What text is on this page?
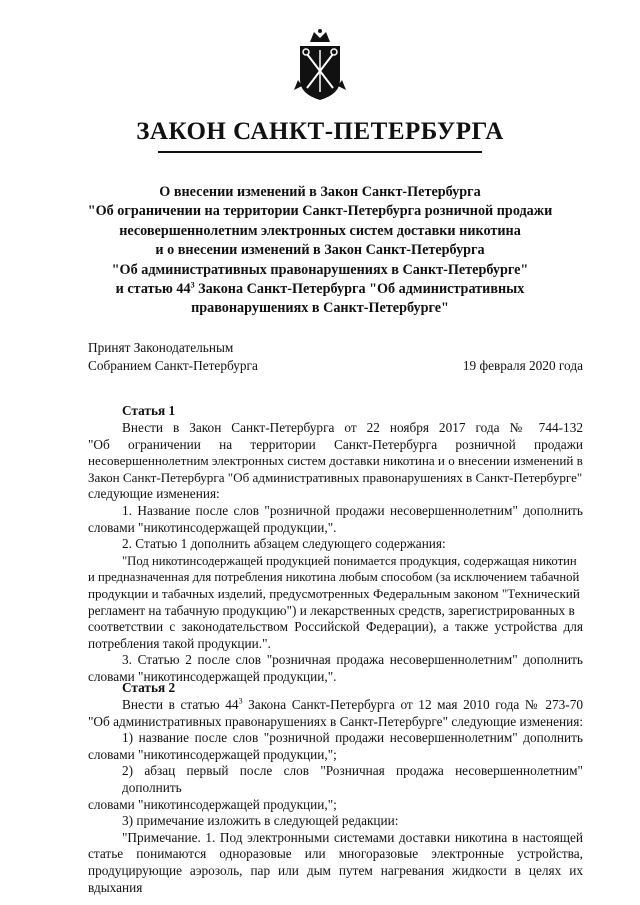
ЗАКОН САНКТ-ПЕТЕРБУРГА
О внесении изменений в Закон Санкт-Петербурга
"Об ограничении на территории Санкт-Петербурга розничной продажи
несовершеннолетним электронных систем доставки никотина
и о внесении изменений в Закон Санкт-Петербурга
"Об административных правонарушениях в Санкт-Петербурге"
и статью $44^3$ Закона Санкт-Петербурга "Об административных
правонарушениях в Санкт-Петербурге"
Принят Законодательным
Собранием Санкт-Петербурга	19 февраля 2020 года
Статья 1
Внести в Закон Санкт-Петербурга от 22 ноября 2017 года № 744-132
"Об ограничении на территории Санкт-Петербурга розничной продажи
несовершеннолетним электронных систем доставки никотина и о внесении изменений в
Закон Санкт-Петербурга "Об административных правонарушениях в Санкт-Петербурге"
следующие изменения:
1. Название после слов "розничной продажи несовершеннолетним" дополнить
словами "никотинсодержащей продукции,".
2. Статью 1 дополнить абзацем следующего содержания:
"Под никотинсодержащей продукцией понимается продукция, содержащая никотин
и предназначенная для потребления никотина любым способом (за исключением табачной
продукции и табачных изделий, предусмотренных Федеральным законом "Технический
регламент на табачную продукцию") и лекарственных средств, зарегистрированных в
соответствии с законодательством Российской Федерации), а также устройства для
потребления такой продукции.".
3. Статью 2 после слов "розничная продажа несовершеннолетним" дополнить
словами "никотинсодержащей продукции,".
Статья 2
Внести в статью $44^3$ Закона Санкт-Петербурга от 12 мая 2010 года № 273-70
"Об административных правонарушениях в Санкт-Петербурге" следующие изменения:
1) название после слов "розничной продажи несовершеннолетним" дополнить
словами "никотинсодержащей продукции,";
2) абзац первый после слов "Розничная продажа несовершеннолетним" дополнить
словами "никотинсодержащей продукции,";
3) примечание изложить в следующей редакции:
"Примечание. 1. Под электронными системами доставки никотина в настоящей
статье понимаются одноразовые или многоразовые электронные устройства,
продуцирующие аэрозоль, пар или дым путем нагревания жидкости в целях их вдыхания
